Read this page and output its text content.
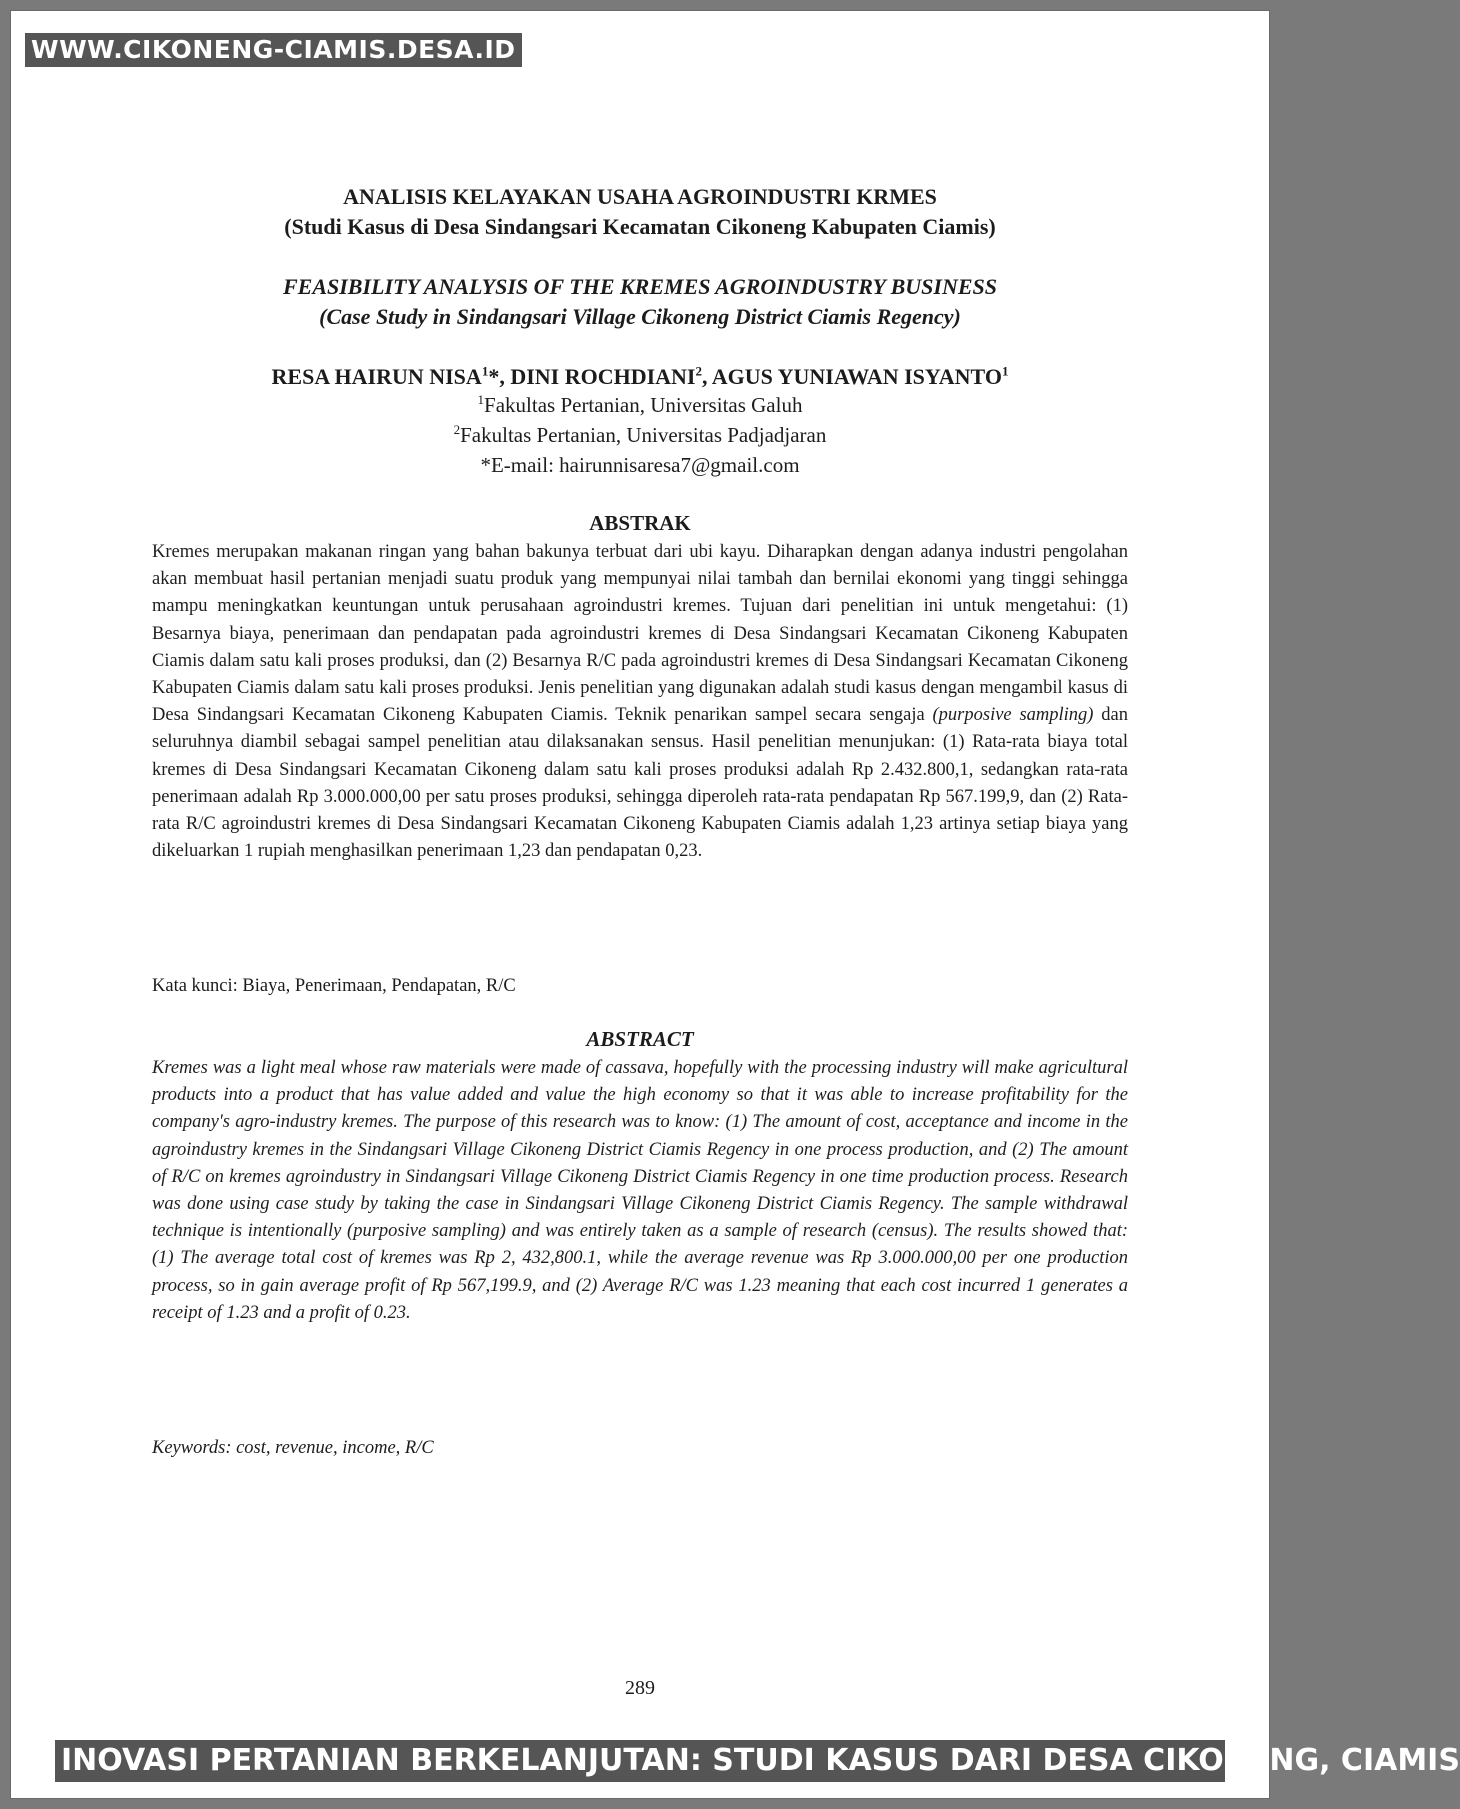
WWW.CIKONENG-CIAMIS.DESA.ID
ANALISIS KELAYAKAN USAHA AGROINDUSTRI KRMES
(Studi Kasus di Desa Sindangsari Kecamatan Cikoneng Kabupaten Ciamis)
FEASIBILITY ANALYSIS OF THE KREMES AGROINDUSTRY BUSINESS
(Case Study in Sindangsari Village Cikoneng District Ciamis Regency)
RESA HAIRUN NISA$^1$*, DINI ROCHDIANI$^2$, AGUS YUNIAWAN ISYANTO$^1$
$^1$Fakultas Pertanian, Universitas Galuh
$^2$Fakultas Pertanian, Universitas Padjadjaran
*E-mail: hairunnisaresa7@gmail.com
ABSTRAK
Kremes merupakan makanan ringan yang bahan bakunya terbuat dari ubi kayu. Diharapkan dengan adanya industri pengolahan akan membuat hasil pertanian menjadi suatu produk yang mempunyai nilai tambah dan bernilai ekonomi yang tinggi sehingga mampu meningkatkan keuntungan untuk perusahaan agroindustri kremes. Tujuan dari penelitian ini untuk mengetahui: (1) Besarnya biaya, penerimaan dan pendapatan pada agroindustri kremes di Desa Sindangsari Kecamatan Cikoneng Kabupaten Ciamis dalam satu kali proses produksi, dan (2) Besarnya R/C pada agroindustri kremes di Desa Sindangsari Kecamatan Cikoneng Kabupaten Ciamis dalam satu kali proses produksi. Jenis penelitian yang digunakan adalah studi kasus dengan mengambil kasus di Desa Sindangsari Kecamatan Cikoneng Kabupaten Ciamis. Teknik penarikan sampel secara sengaja (purposive sampling) dan seluruhnya diambil sebagai sampel penelitian atau dilaksanakan sensus. Hasil penelitian menunjukan: (1) Rata-rata biaya total kremes di Desa Sindangsari Kecamatan Cikoneng dalam satu kali proses produksi adalah Rp 2.432.800,1, sedangkan rata-rata penerimaan adalah Rp 3.000.000,00 per satu proses produksi, sehingga diperoleh rata-rata pendapatan Rp 567.199,9, dan (2) Rata-rata R/C agroindustri kremes di Desa Sindangsari Kecamatan Cikoneng Kabupaten Ciamis adalah 1,23 artinya setiap biaya yang dikeluarkan 1 rupiah menghasilkan penerimaan 1,23 dan pendapatan 0,23.
Kata kunci: Biaya, Penerimaan, Pendapatan, R/C
ABSTRACT
Kremes was a light meal whose raw materials were made of cassava, hopefully with the processing industry will make agricultural products into a product that has value added and value the high economy so that it was able to increase profitability for the company's agro-industry kremes. The purpose of this research was to know: (1) The amount of cost, acceptance and income in the agroindustry kremes in the Sindangsari Village Cikoneng District Ciamis Regency in one process production, and (2) The amount of R/C on kremes agroindustry in Sindangsari Village Cikoneng District Ciamis Regency in one time production process. Research was done using case study by taking the case in Sindangsari Village Cikoneng District Ciamis Regency. The sample withdrawal technique is intentionally (purposive sampling) and was entirely taken as a sample of research (census). The results showed that: (1) The average total cost of kremes was Rp 2, 432,800.1, while the average revenue was Rp 3.000.000,00 per one production process, so in gain average profit of Rp 567,199.9, and (2) Average R/C was 1.23 meaning that each cost incurred 1 generates a receipt of 1.23 and a profit of 0.23.
Keywords: cost, revenue, income, R/C
289
INOVASI PERTANIAN BERKELANJUTAN: STUDI KASUS DARI DESA CIKONENG, CIAMIS
